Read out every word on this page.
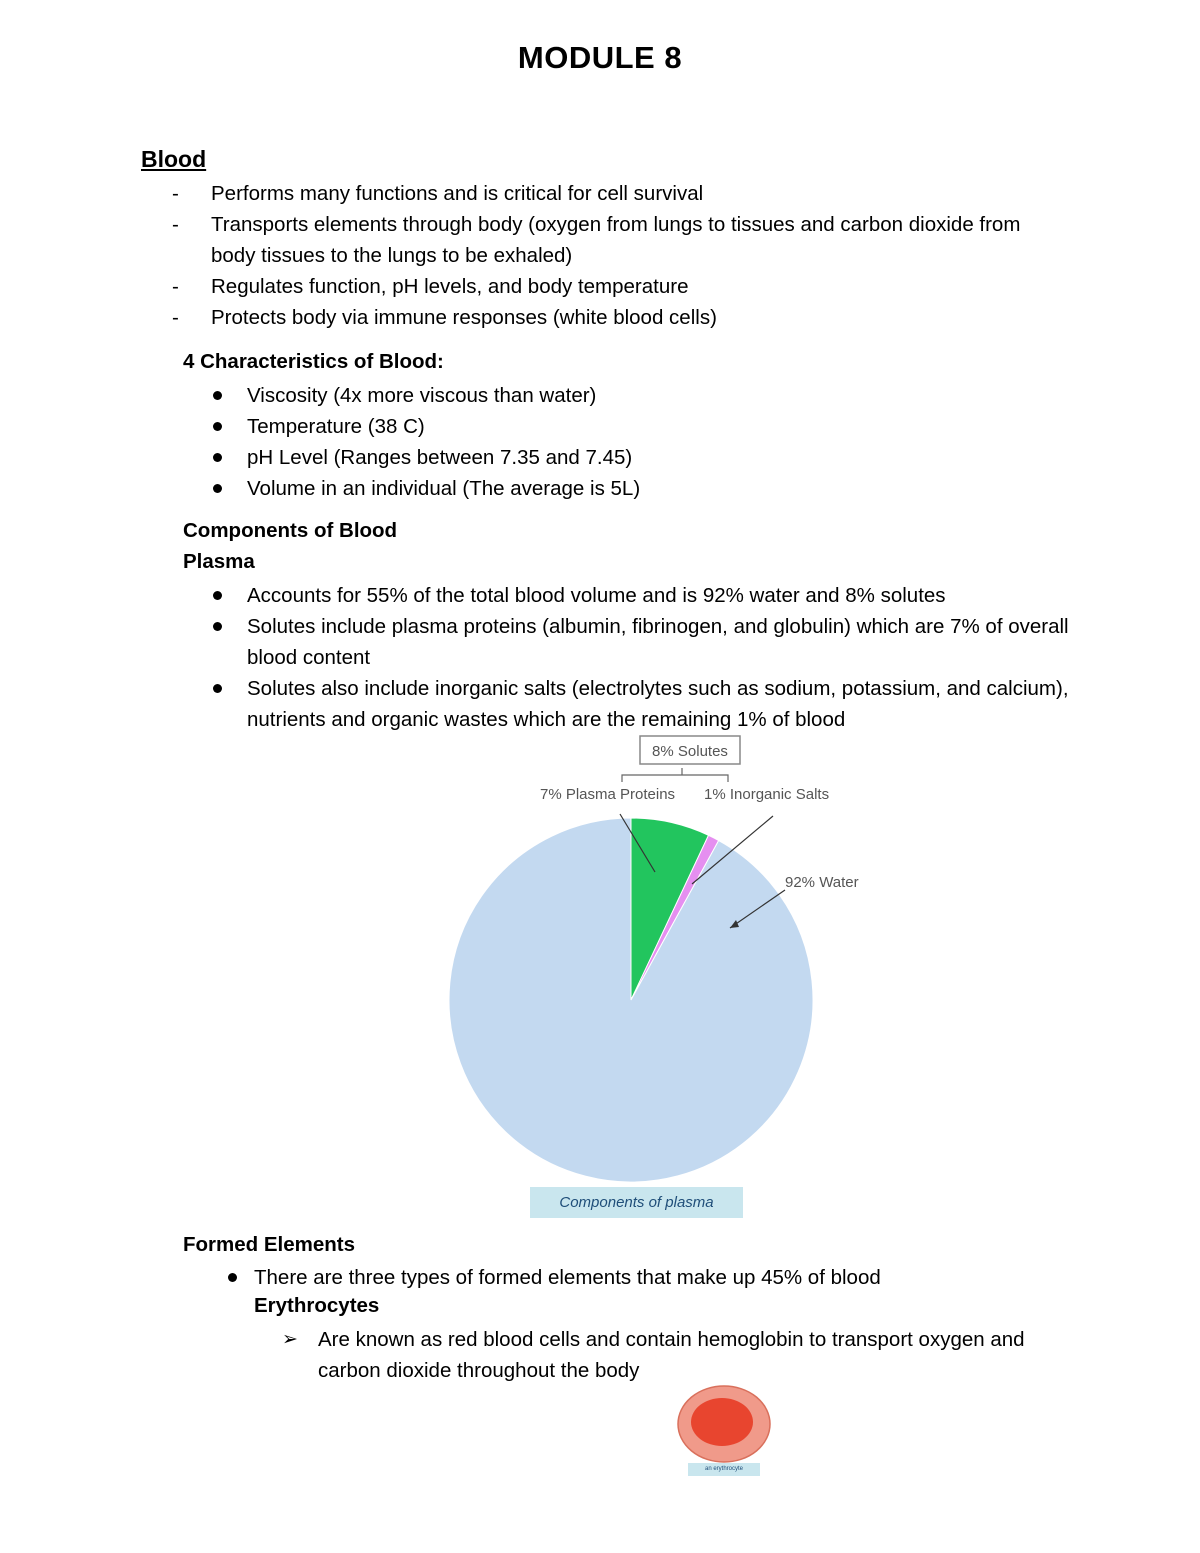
MODULE 8
Blood
- Performs many functions and is critical for cell survival
- Transports elements through body (oxygen from lungs to tissues and carbon dioxide from body tissues to the lungs to be exhaled)
- Regulates function, pH levels, and body temperature
- Protects body via immune responses (white blood cells)
4 Characteristics of Blood:
Viscosity (4x more viscous than water)
Temperature (38 C)
pH Level (Ranges between 7.35 and 7.45)
Volume in an individual (The average is 5L)
Components of Blood
Plasma
Accounts for 55% of the total blood volume and is 92% water and 8% solutes
Solutes include plasma proteins (albumin, fibrinogen, and globulin) which are 7% of overall blood content
Solutes also include inorganic salts (electrolytes such as sodium, potassium, and calcium), nutrients and organic wastes which are the remaining 1% of blood
8% Solutes
7% Plasma Proteins 1% Inorganic Salts
92% Water
Components of plasma
Formed Elements
There are three types of formed elements that make up 45% of blood
Erythrocytes
➢ Are known as red blood cells and contain hemoglobin to transport oxygen and carbon dioxide throughout the body
an erythrocyte
